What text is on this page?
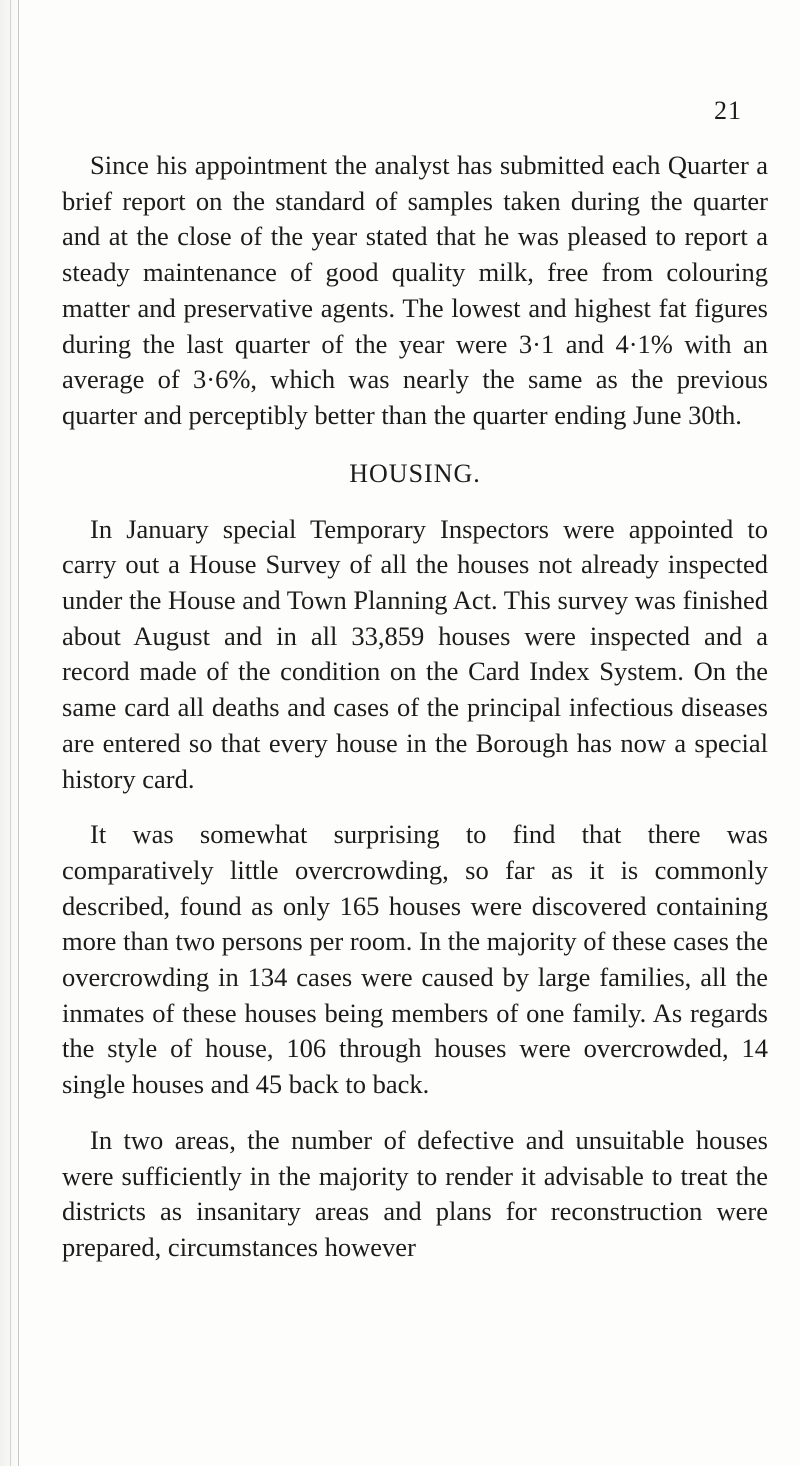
21

Since his appointment the analyst has submitted each Quarter a brief report on the standard of samples taken during the quarter and at the close of the year stated that he was pleased to report a steady maintenance of good quality milk, free from colouring matter and preservative agents. The lowest and highest fat figures during the last quarter of the year were 3·1 and 4·1% with an average of 3·6%, which was nearly the same as the previous quarter and perceptibly better than the quarter ending June 30th.

HOUSING.

In January special Temporary Inspectors were appointed to carry out a House Survey of all the houses not already inspected under the House and Town Planning Act. This survey was finished about August and in all 33,859 houses were inspected and a record made of the condition on the Card Index System. On the same card all deaths and cases of the principal infectious diseases are entered so that every house in the Borough has now a special history card.

It was somewhat surprising to find that there was comparatively little overcrowding, so far as it is commonly described, found as only 165 houses were discovered containing more than two persons per room. In the majority of these cases the overcrowding in 134 cases were caused by large families, all the inmates of these houses being members of one family. As regards the style of house, 106 through houses were overcrowded, 14 single houses and 45 back to back.

In two areas, the number of defective and unsuitable houses were sufficiently in the majority to render it advisable to treat the districts as insanitary areas and plans for reconstruction were prepared, circumstances however
